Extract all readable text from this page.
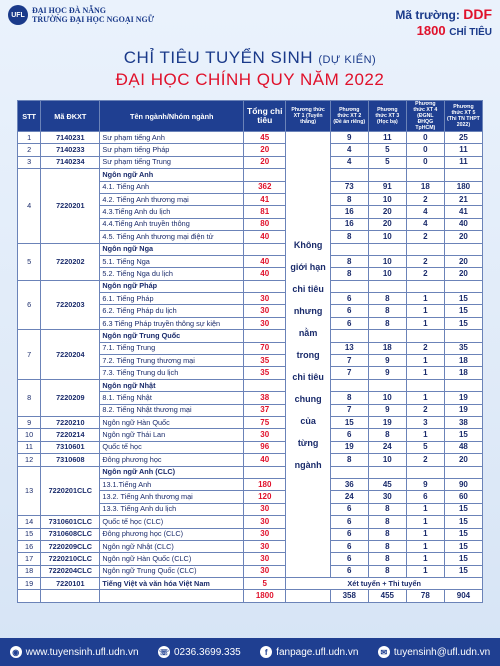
UFL ĐẠI HỌC ĐÀ NẴNG
TRƯỜNG ĐẠI HỌC NGOẠI NGỮ	Mã trường: DDF
1800 CHỈ TIÊU
CHỈ TIÊU TUYỂN SINH (DỰ KIẾN)
ĐẠI HỌC CHÍNH QUY NĂM 2022
STT	Mã ĐKXT	Tên ngành/Nhóm ngành	Tổng chỉ tiêu	Phương thức XT 1 (Tuyển thẳng)	Phương thức XT 2 (Đề án riêng)	Phương thức XT 3 (Học bạ)	Phương thức XT 4 (ĐGNL ĐHQG TpHCM)	Phương thức XT 5 (Thi TN THPT 2022)
1	7140231	Sư phạm tiếng Anh	45	Không giới hạn chỉ tiêu nhưng nằm trong chỉ tiêu chung của từng ngành	9	11	0	25
2	7140233	Sư phạm tiếng Pháp	20		4	5	0	11
3	7140234	Sư phạm tiếng Trung	20		4	5	0	11
4	7220201	Ngôn ngữ Anh						
		4.1. Tiếng Anh	362		73	91	18	180
		4.2. Tiếng Anh thương mại	41		8	10	2	21
		4.3.Tiếng Anh du lịch	81		16	20	4	41
		4.4.Tiếng Anh truyền thông	80		16	20	4	40
		4.5. Tiếng Anh thương mại điện tử	40		8	10	2	20
5	7220202	Ngôn ngữ Nga						
		5.1. Tiếng Nga	40		8	10	2	20
		5.2. Tiếng Nga du lịch	40		8	10	2	20
6	7220203	Ngôn ngữ Pháp						
		6.1. Tiếng Pháp	30		6	8	1	15
		6.2. Tiếng Pháp du lịch	30		6	8	1	15
		6.3 Tiếng Pháp truyền thông sự kiện	30		6	8	1	15
7	7220204	Ngôn ngữ Trung Quốc						
		7.1. Tiếng Trung	70		13	18	2	35
		7.2. Tiếng Trung thương mại	35		7	9	1	18
		7.3. Tiếng Trung du lịch	35		7	9	1	18
8	7220209	Ngôn ngữ Nhật						
		8.1. Tiếng Nhật	38		8	10	1	19
		8.2. Tiếng Nhật thương mại	37		7	9	2	19
9	7220210	Ngôn ngữ Hàn Quốc	75		15	19	3	38
10	7220214	Ngôn ngữ Thái Lan	30		6	8	1	15
11	7310601	Quốc tế học	96		19	24	5	48
12	7310608	Đông phương học	40		8	10	2	20
13	7220201CLC	Ngôn ngữ Anh (CLC)						
		13.1.Tiếng Anh	180		36	45	9	90
		13.2. Tiếng Anh thương mại	120		24	30	6	60
		13.3. Tiếng Anh du lịch	30		6	8	1	15
14	7310601CLC	Quốc tế học (CLC)	30		6	8	1	15
15	7310608CLC	Đông phương học (CLC)	30		6	8	1	15
16	7220209CLC	Ngôn ngữ Nhật (CLC)	30		6	8	1	15
17	7220210CLC	Ngôn ngữ Hàn Quốc (CLC)	30		6	8	1	15
18	7220204CLC	Ngôn ngữ Trung Quốc (CLC)	30		6	8	1	15
19	7220101	Tiếng Việt và văn hóa Việt Nam	5	Xét tuyển + Thi tuyển				
			1800		358	455	78	904
◉ www.tuyensinh.ufl.udn.vn	☏ 0236.3699.335	f fanpage.ufl.udn.vn	✉ tuyensinh@ufl.udn.vn
